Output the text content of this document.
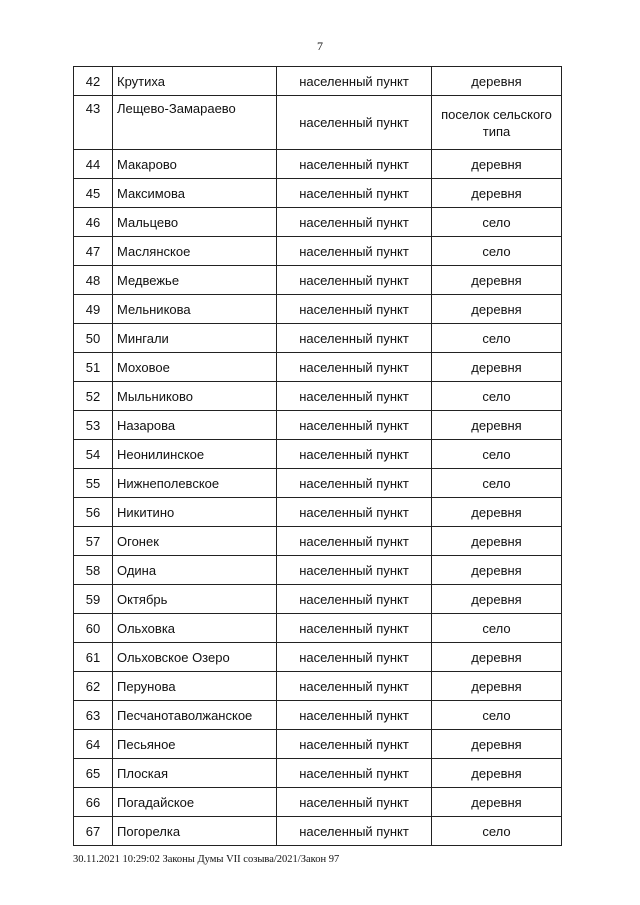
7
42	Крутиха	населенный пункт	деревня
43	Лещево-Замараево	населенный пункт	поселок сельского типа
44	Макарово	населенный пункт	деревня
45	Максимова	населенный пункт	деревня
46	Мальцево	населенный пункт	село
47	Маслянское	населенный пункт	село
48	Медвежье	населенный пункт	деревня
49	Мельникова	населенный пункт	деревня
50	Мингали	населенный пункт	село
51	Моховое	населенный пункт	деревня
52	Мыльниково	населенный пункт	село
53	Назарова	населенный пункт	деревня
54	Неонилинское	населенный пункт	село
55	Нижнеполевское	населенный пункт	село
56	Никитино	населенный пункт	деревня
57	Огонек	населенный пункт	деревня
58	Одина	населенный пункт	деревня
59	Октябрь	населенный пункт	деревня
60	Ольховка	населенный пункт	село
61	Ольховское Озеро	населенный пункт	деревня
62	Перунова	населенный пункт	деревня
63	Песчанотаволжанское	населенный пункт	село
64	Песьяное	населенный пункт	деревня
65	Плоская	населенный пункт	деревня
66	Погадайское	населенный пункт	деревня
67	Погорелка	населенный пункт	село
30.11.2021 10:29:02 Законы Думы VII созыва/2021/Закон 97
